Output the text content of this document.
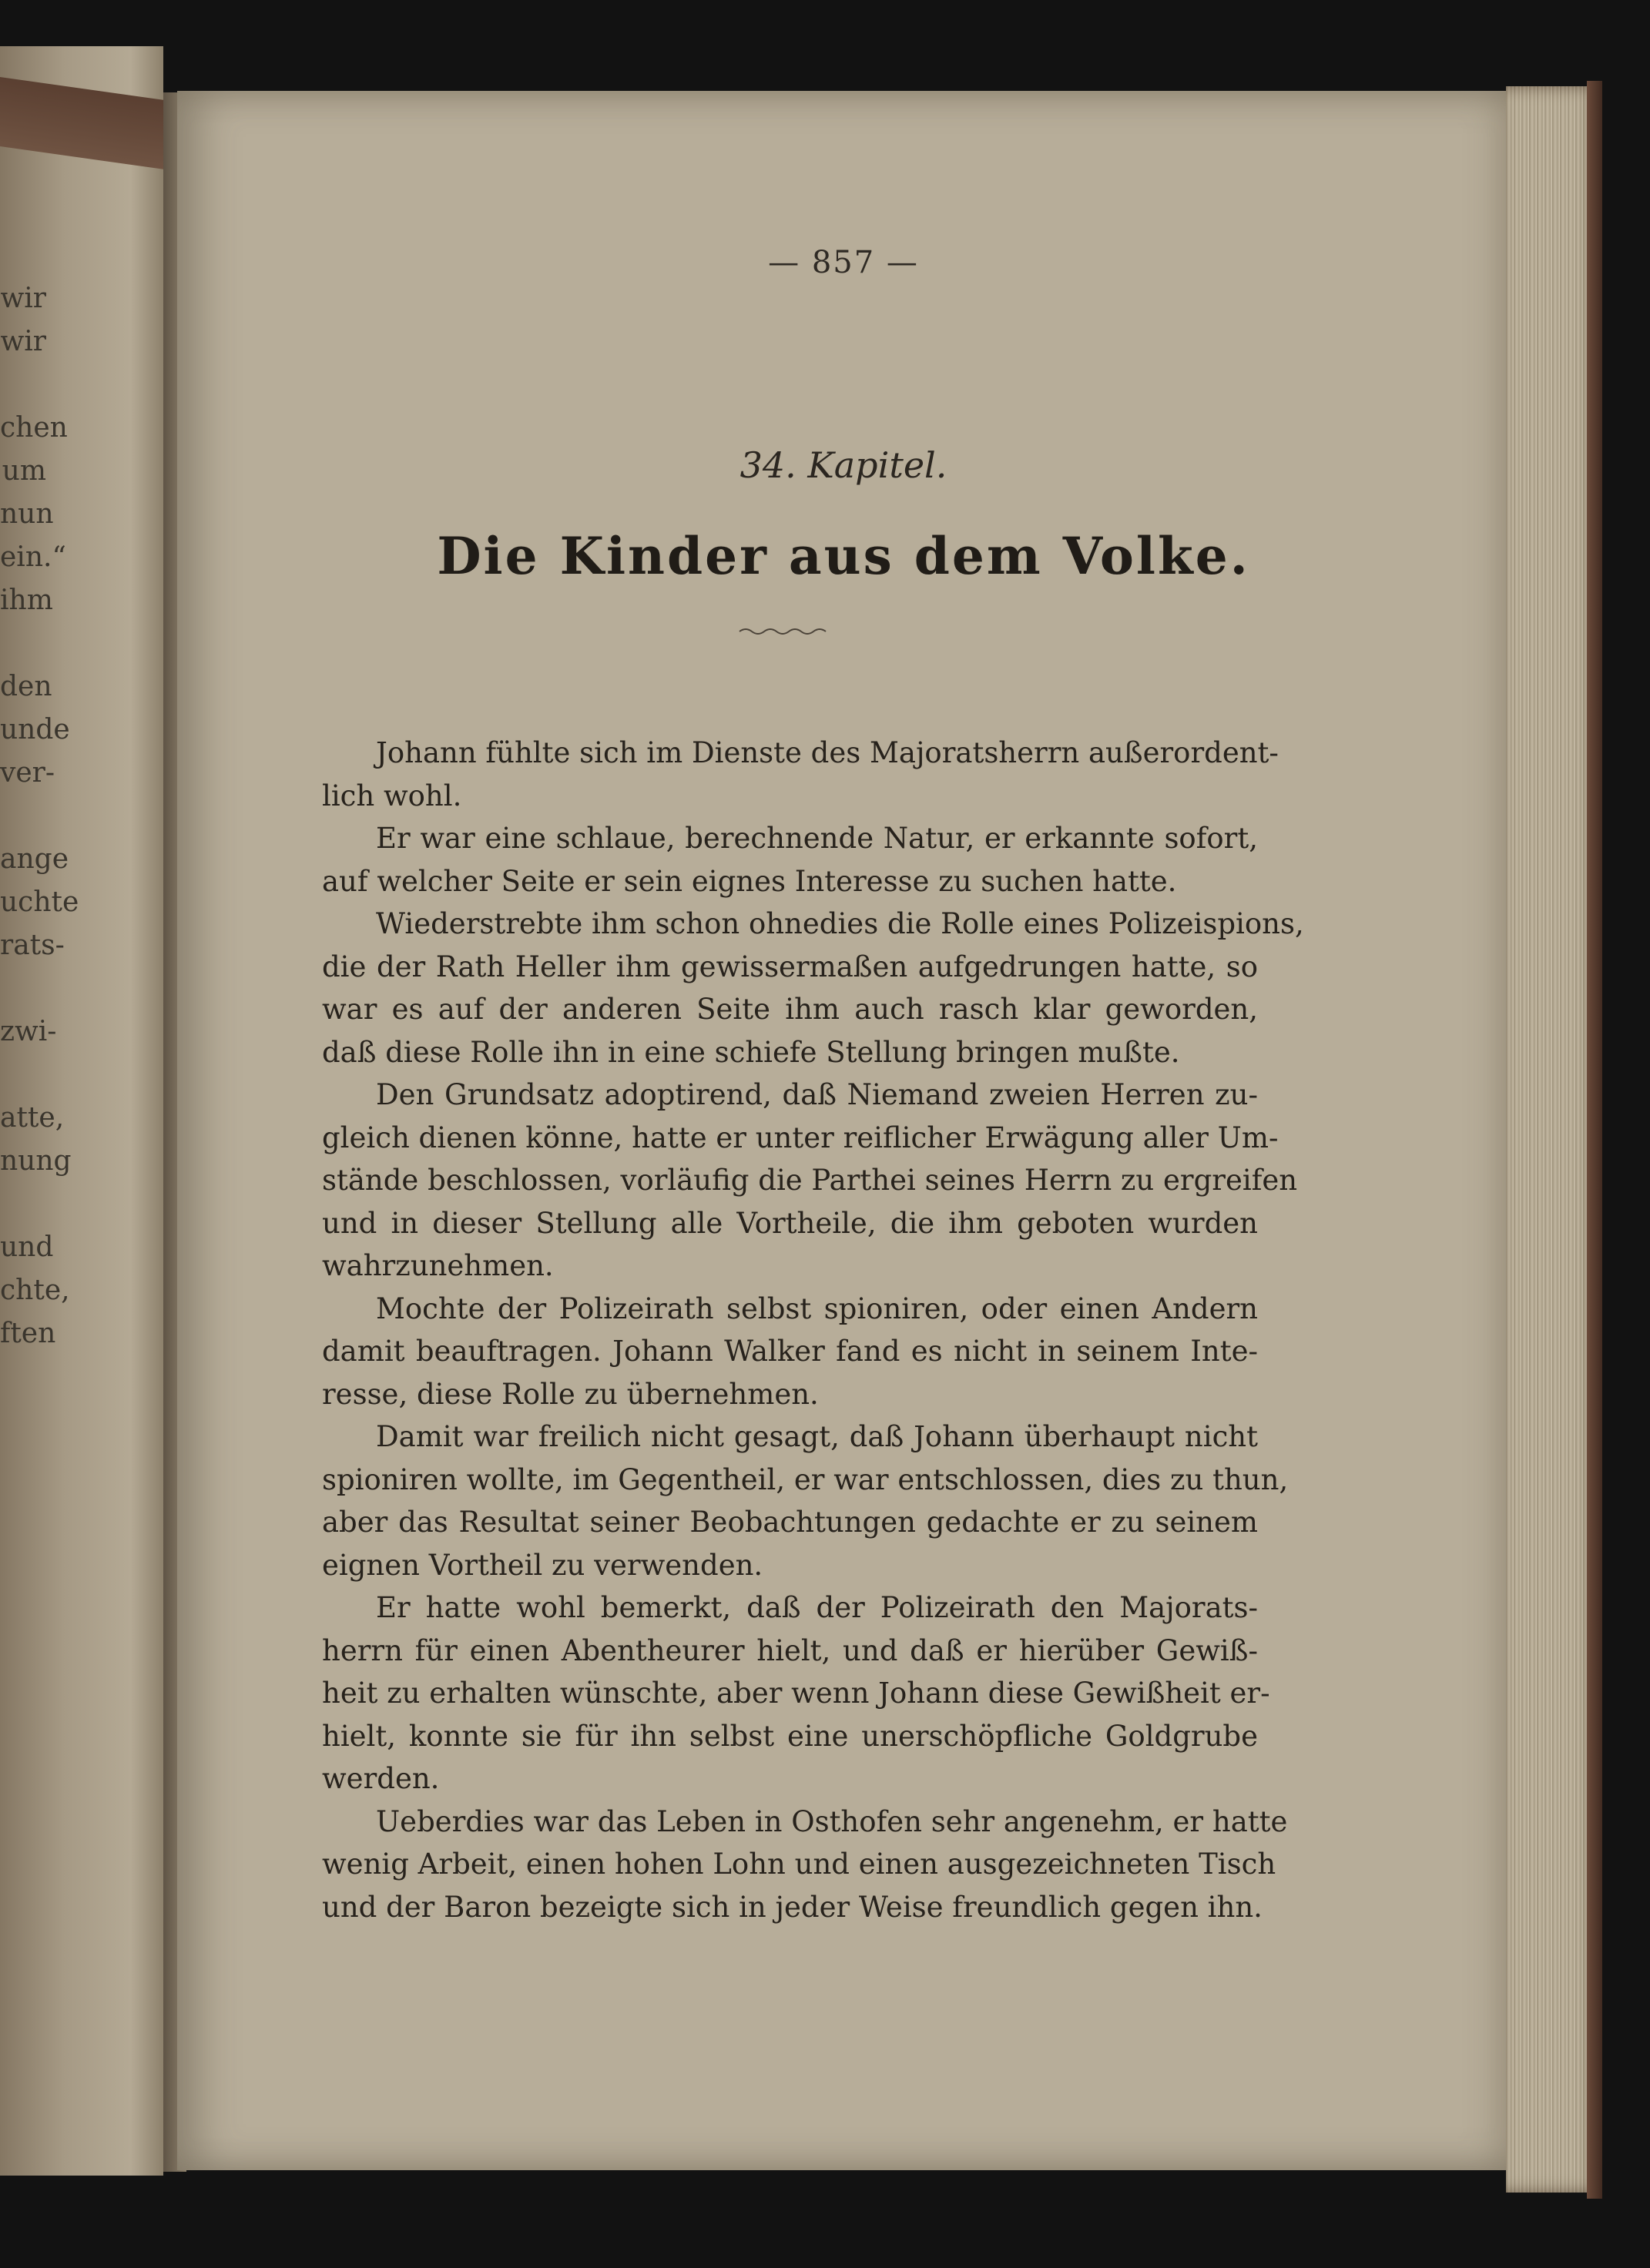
wir
wir
chen
um
nun
ein.“
ihm
den
unde
ver-
ange
uchte
rats-
zwi-
atte,
nung
und
chte,
ften
— 857 —
34. Kapitel.
Die Kinder aus dem Volke.
Johann fühlte sich im Dienste des Majoratsherrn außerordent-
lich wohl.
Er war eine schlaue, berechnende Natur, er erkannte sofort,
auf welcher Seite er sein eignes Interesse zu suchen hatte.
Wiederstrebte ihm schon ohnedies die Rolle eines Polizeispions,
die der Rath Heller ihm gewissermaßen aufgedrungen hatte, so
war es auf der anderen Seite ihm auch rasch klar geworden,
daß diese Rolle ihn in eine schiefe Stellung bringen mußte.
Den Grundsatz adoptirend, daß Niemand zweien Herren zu-
gleich dienen könne, hatte er unter reiflicher Erwägung aller Um-
stände beschlossen, vorläufig die Parthei seines Herrn zu ergreifen
und in dieser Stellung alle Vortheile, die ihm geboten wurden
wahrzunehmen.
Mochte der Polizeirath selbst spioniren, oder einen Andern
damit beauftragen. Johann Walker fand es nicht in seinem Inte-
resse, diese Rolle zu übernehmen.
Damit war freilich nicht gesagt, daß Johann überhaupt nicht
spioniren wollte, im Gegentheil, er war entschlossen, dies zu thun,
aber das Resultat seiner Beobachtungen gedachte er zu seinem
eignen Vortheil zu verwenden.
Er hatte wohl bemerkt, daß der Polizeirath den Majorats-
herrn für einen Abentheurer hielt, und daß er hierüber Gewiß-
heit zu erhalten wünschte, aber wenn Johann diese Gewißheit er-
hielt, konnte sie für ihn selbst eine unerschöpfliche Goldgrube
werden.
Ueberdies war das Leben in Osthofen sehr angenehm, er hatte
wenig Arbeit, einen hohen Lohn und einen ausgezeichneten Tisch
und der Baron bezeigte sich in jeder Weise freundlich gegen ihn.
